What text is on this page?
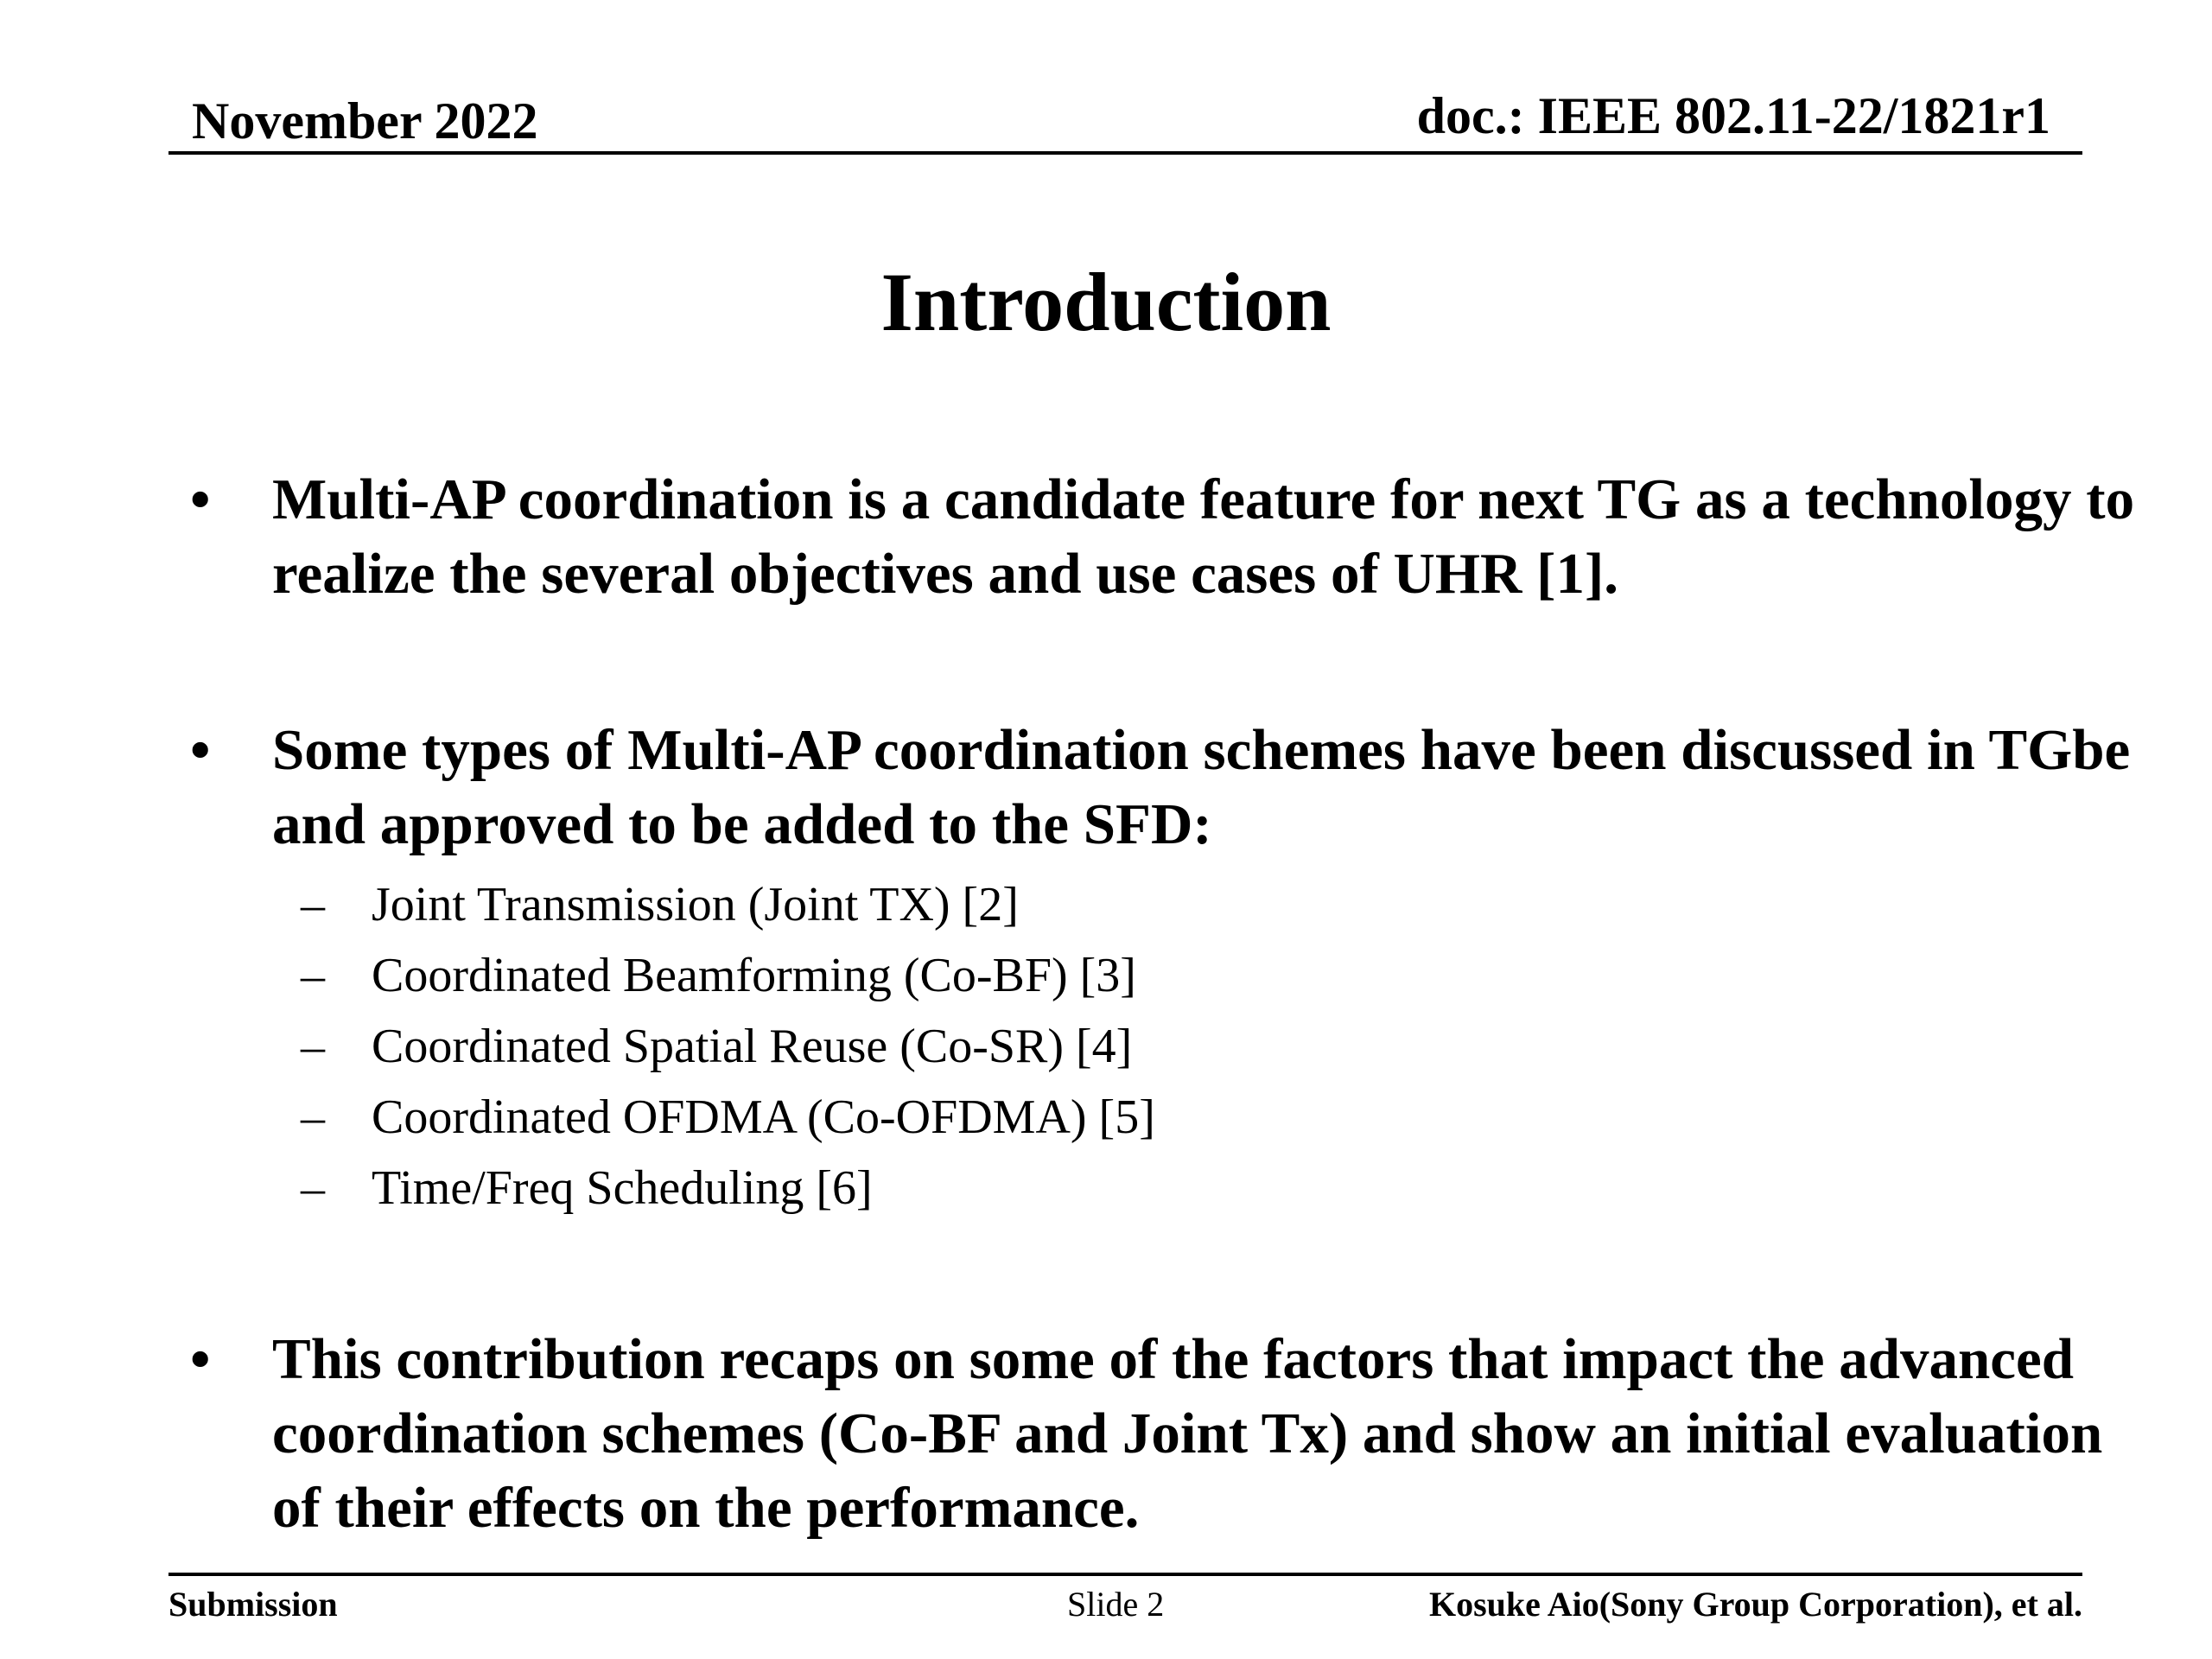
November 2022	doc.: IEEE 802.11-22/1821r1
Introduction
• Multi-AP coordination is a candidate feature for next TG as a technology to realize the several objectives and use cases of UHR [1].
• Some types of Multi-AP coordination schemes have been discussed in TGbe and approved to be added to the SFD:
– Joint Transmission (Joint TX) [2]
– Coordinated Beamforming (Co-BF) [3]
– Coordinated Spatial Reuse (Co-SR) [4]
– Coordinated OFDMA (Co-OFDMA) [5]
– Time/Freq Scheduling [6]
• This contribution recaps on some of the factors that impact the advanced coordination schemes (Co-BF and Joint Tx) and show an initial evaluation of their effects on the performance.
Submission	Slide 2	Kosuke Aio(Sony Group Corporation), et al.
